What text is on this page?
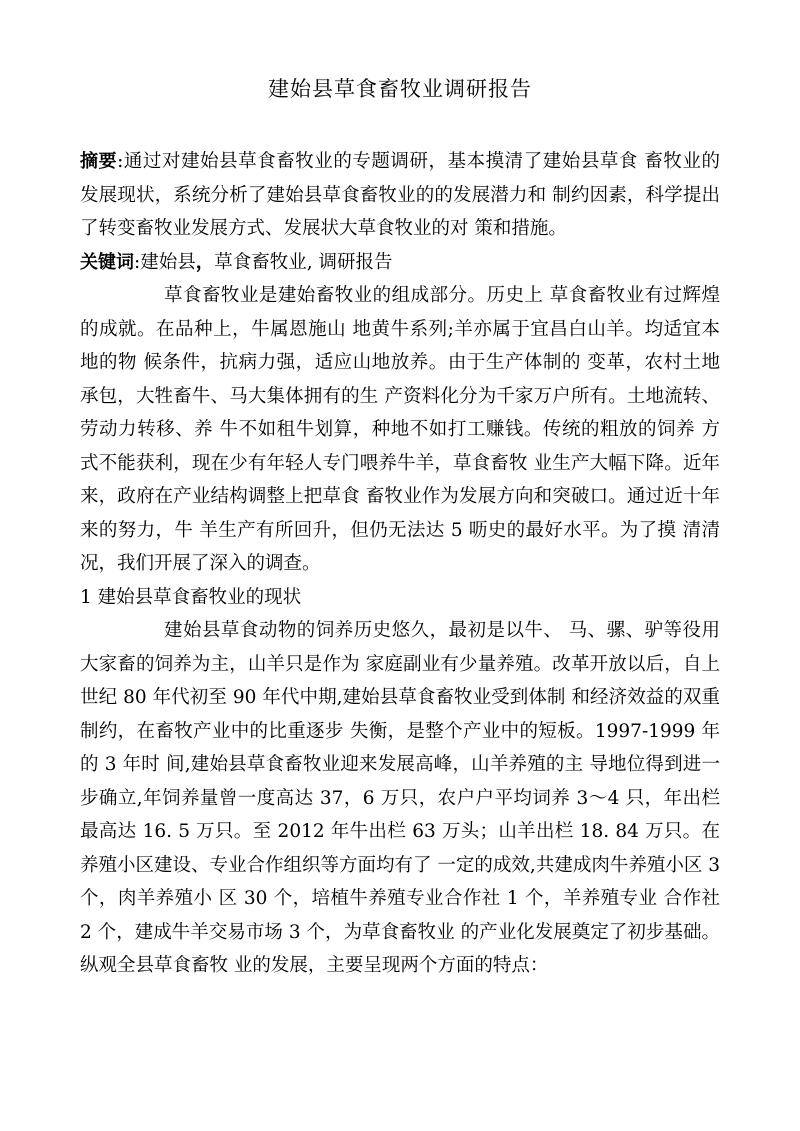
建始县草食畜牧业调研报告

摘要:通过对建始县草食畜牧业的专题调研，基本摸清了建始县草食 畜牧业的发展现状，系统分析了建始县草食畜牧业的的发展潜力和 制约因素，科学提出了转变畜牧业发展方式、发展状大草食牧业的对 策和措施。

关键词:建始县，草食畜牧业, 调研报告

草食畜牧业是建始畜牧业的组成部分。历史上 草食畜牧业有过辉煌的成就。在品种上，牛属恩施山 地黄牛系列;羊亦属于宜昌白山羊。均适宜本地的物 候条件，抗病力强，适应山地放养。由于生产体制的 变革，农村土地承包，大牲畜牛、马大集体拥有的生 产资料化分为千家万户所有。土地流转、劳动力转移、养 牛不如租牛划算，种地不如打工赚钱。传统的粗放的饲养 方式不能获利，现在少有年轻人专门喂养牛羊，草食畜牧 业生产大幅下降。近年来，政府在产业结构调整上把草食 畜牧业作为发展方向和突破口。通过近十年来的努力，牛 羊生产有所回升，但仍无法达 5 呖史的最好水平。为了摸 清清况，我们开展了深入的调查。

1 建始县草食畜牧业的现状

建始县草食动物的饲养历史悠久，最初是以牛、 马、骡、驴等役用大家畜的饲养为主，山羊只是作为 家庭副业有少量养殖。改革开放以后，自上世纪 80 年代初至 90 年代中期,建始县草食畜牧业受到体制 和经济效益的双重制约，在畜牧产业中的比重逐步 失衡，是整个产业中的短板。1997-1999 年的 3 年时 间,建始县草食畜牧业迎来发展高峰，山羊养殖的主 导地位得到进一步确立,年饲养量曾一度高达 37，6 万只，农户户平均词养 3～4 只，年出栏最高达 16. 5 万只。至 2012 年牛出栏 63 万头；山羊出栏 18. 84 万只。在养殖小区建设、专业合作组织等方面均有了 一定的成效,共建成肉牛养殖小区 3 个，肉羊养殖小 区 30 个，培植牛养殖专业合作社 1 个，羊养殖专业 合作社 2 个，建成牛羊交易市场 3 个，为草食畜牧业 的产业化发展奠定了初步基础。纵观全县草食畜牧 业的发展，主要呈现两个方面的特点：
